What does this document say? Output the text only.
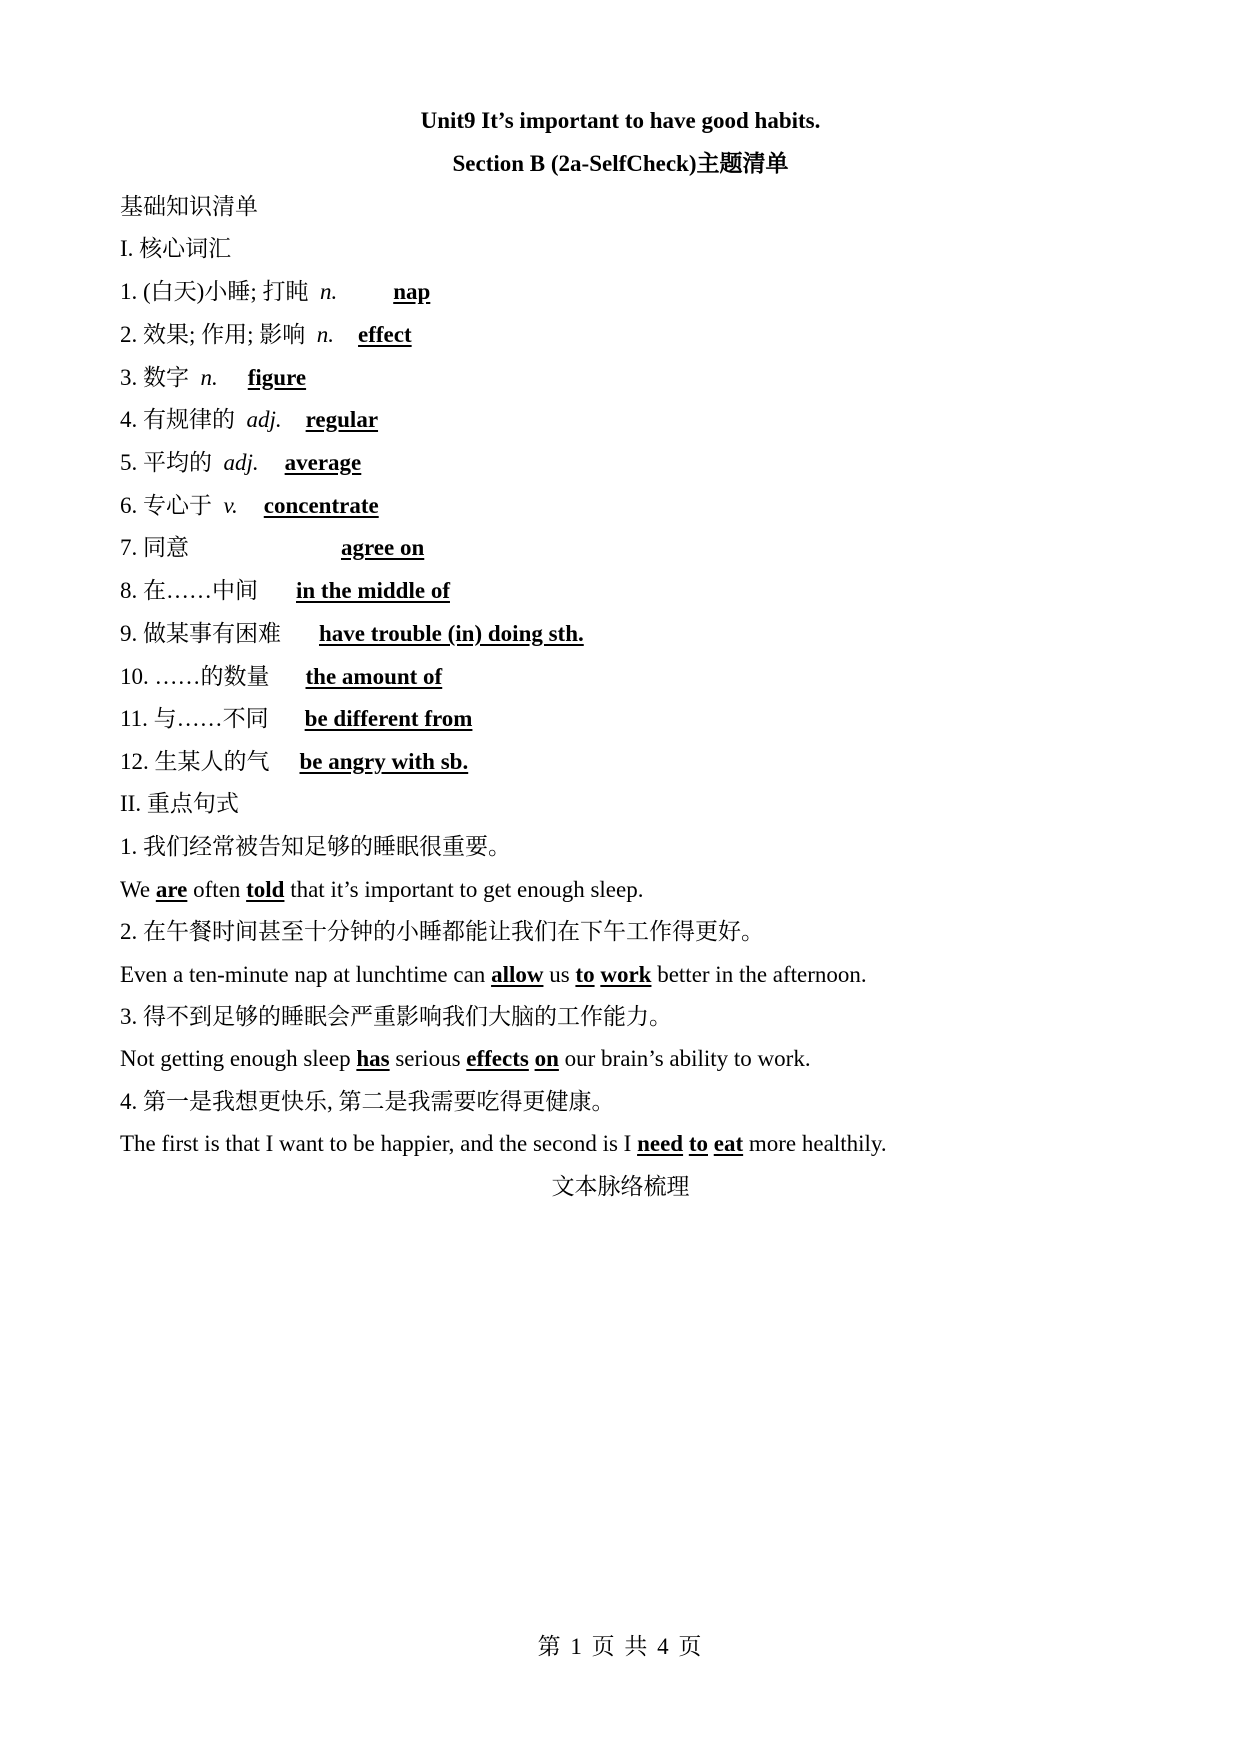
Unit9 It’s important to have good habits.
Section B (2a-SelfCheck)主题清单
基础知识清单
I. 核心词汇
1. (白天)小睡; 打盹 n. nap
2. 效果; 作用; 影响 n. effect
3. 数字 n. figure
4. 有规律的 adj. regular
5. 平均的 adj. average
6. 专心于 v. concentrate
7. 同意	agree on
8. 在……中间 in the middle of
9. 做某事有困难 have trouble (in) doing sth.
10. ……的数量 the amount of
11. 与……不同 be different from
12. 生某人的气 be angry with sb.
II. 重点句式
1. 我们经常被告知足够的睡眠很重要。
We are often told that it’s important to get enough sleep.
2. 在午餐时间甚至十分钟的小睡都能让我们在下午工作得更好。
Even a ten-minute nap at lunchtime can allow us to work better in the afternoon.
3. 得不到足够的睡眠会严重影响我们大脑的工作能力。
Not getting enough sleep has serious effects on our brain’s ability to work.
4. 第一是我想更快乐, 第二是我需要吃得更健康。
The first is that I want to be happier, and the second is I need to eat more healthily.
文本脉络梳理
第 1 页 共 4 页
